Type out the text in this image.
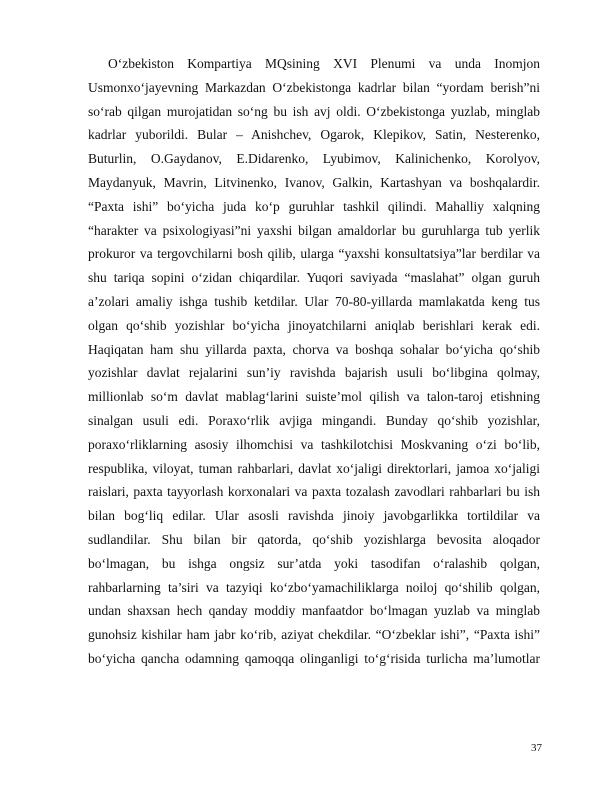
O‘zbekiston Kompartiya MQsining XVI Plenumi va unda Inomjon
Usmonxo‘jayevning Markazdan O‘zbekistonga kadrlar bilan “yordam berish”ni
so‘rab qilgan murojatidan so‘ng bu ish avj oldi. O‘zbekistonga yuzlab, minglab
kadrlar yuborildi. Bular – Anishchev, Ogarok, Klepikov, Satin, Nesterenko,
Buturlin, O.Gaydanov, E.Didarenko, Lyubimov, Kalinichenko, Korolyov,
Maydanyuk, Mavrin, Litvinenko, Ivanov, Galkin, Kartashyan va boshqalardir.
“Paxta ishi” bo‘yicha juda ko‘p guruhlar tashkil qilindi. Mahalliy xalqning
“harakter va psixologiyasi”ni yaxshi bilgan amaldorlar bu guruhlarga tub yerlik
prokuror va tergovchilarni bosh qilib, ularga “yaxshi konsultatsiya”lar berdilar va
shu tariqa sopini o‘zidan chiqardilar. Yuqori saviyada “maslahat” olgan guruh
a’zolari amaliy ishga tushib ketdilar. Ular 70-80-yillarda mamlakatda keng tus
olgan qo‘shib yozishlar bo‘yicha jinoyatchilarni aniqlab berishlari kerak edi.
Haqiqatan ham shu yillarda paxta, chorva va boshqa sohalar bo‘yicha qo‘shib
yozishlar davlat rejalarini sun’iy ravishda bajarish usuli bo‘libgina qolmay,
millionlab so‘m davlat mablag‘larini suiste’mol qilish va talon-taroj etishning
sinalgan usuli edi. Poraxo‘rlik avjiga mingandi. Bunday qo‘shib yozishlar,
poraxo‘rliklarning asosiy ilhomchisi va tashkilotchisi Moskvaning o‘zi bo‘lib,
respublika, viloyat, tuman rahbarlari, davlat xo‘jaligi direktorlari, jamoa xo‘jaligi
raislari, paxta tayyorlash korxonalari va paxta tozalash zavodlari rahbarlari bu ish
bilan bog‘liq edilar. Ular asosli ravishda jinoiy javobgarlikka tortildilar va
sudlandilar. Shu bilan bir qatorda, qo‘shib yozishlarga bevosita aloqador
bo‘lmagan, bu ishga ongsiz sur’atda yoki tasodifan o‘ralashib qolgan,
rahbarlarning ta’siri va tazyiqi ko‘zbo‘yamachiliklarga noiloj qo‘shilib qolgan,
undan shaxsan hech qanday moddiy manfaatdor bo‘lmagan yuzlab va minglab
gunohsiz kishilar ham jabr ko‘rib, aziyat chekdilar. “O‘zbeklar ishi”, “Paxta ishi”
bo‘yicha qancha odamning qamoqqa olinganligi to‘g‘risida turlicha ma’lumotlar
37
